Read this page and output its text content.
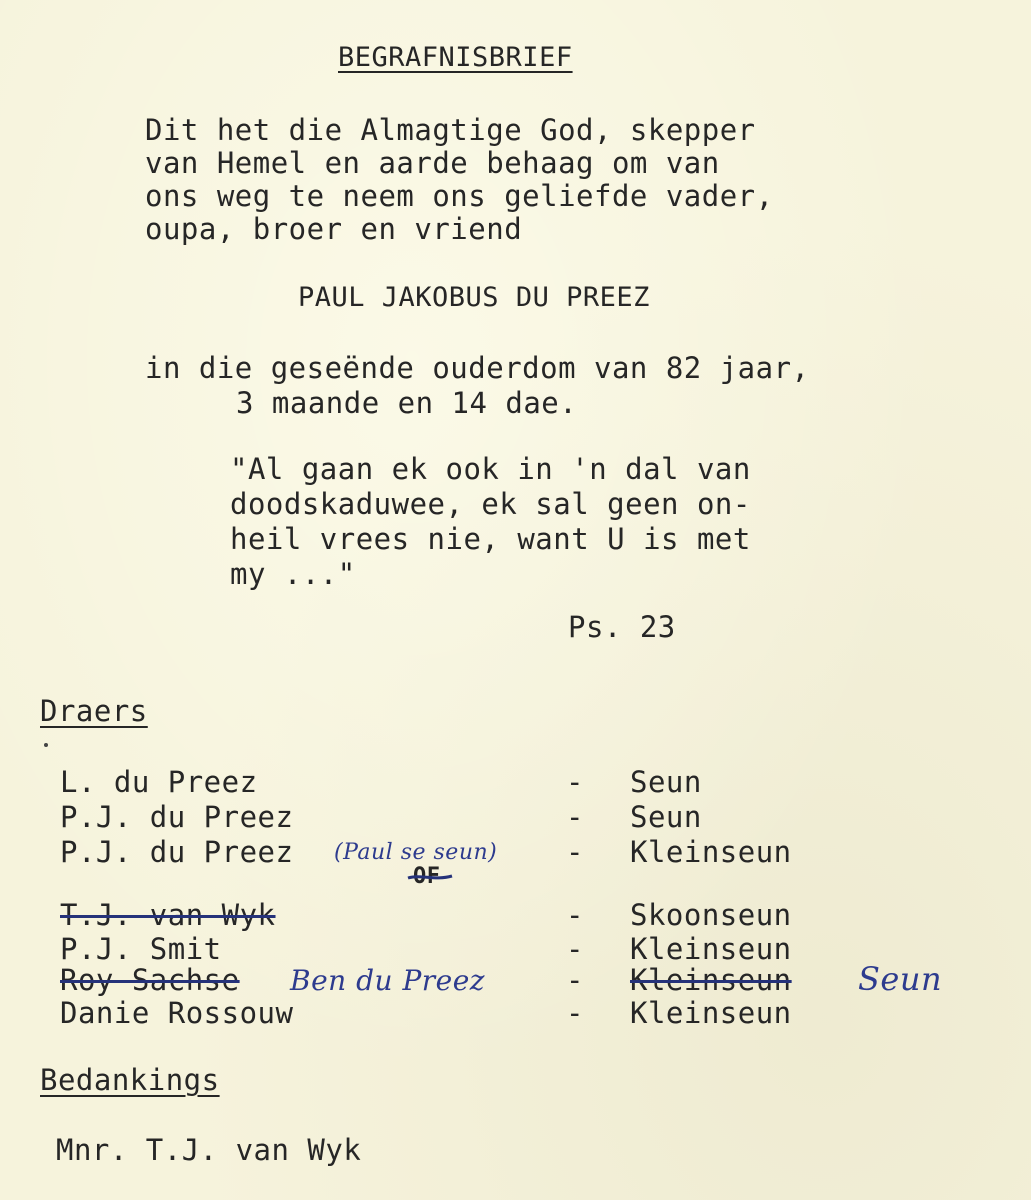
BEGRAFNISBRIEF
Dit het die Almagtige God, skepper
van Hemel en aarde behaag om van
ons weg te neem ons geliefde vader,
oupa, broer en vriend
PAUL JAKOBUS DU PREEZ
in die geseënde ouderdom van 82 jaar,
3 maande en 14 dae.
"Al gaan ek ook in 'n dal van
doodskaduwee, ek sal geen on-
heil vrees nie, want U is met
my ..."
Ps. 23
Draers
L. du Preez	- Seun
P.J. du Preez	- Seun
P.J. du Preez (Paul se seun) - Kleinseun
OF
T.J. van Wyk	- Skoonseun
P.J. Smit	- Kleinseun
Roy Sachse Ben du Preez	- Kleinseun Seun
Danie Rossouw	- Kleinseun
Bedankings
Mnr. T.J. van Wyk
